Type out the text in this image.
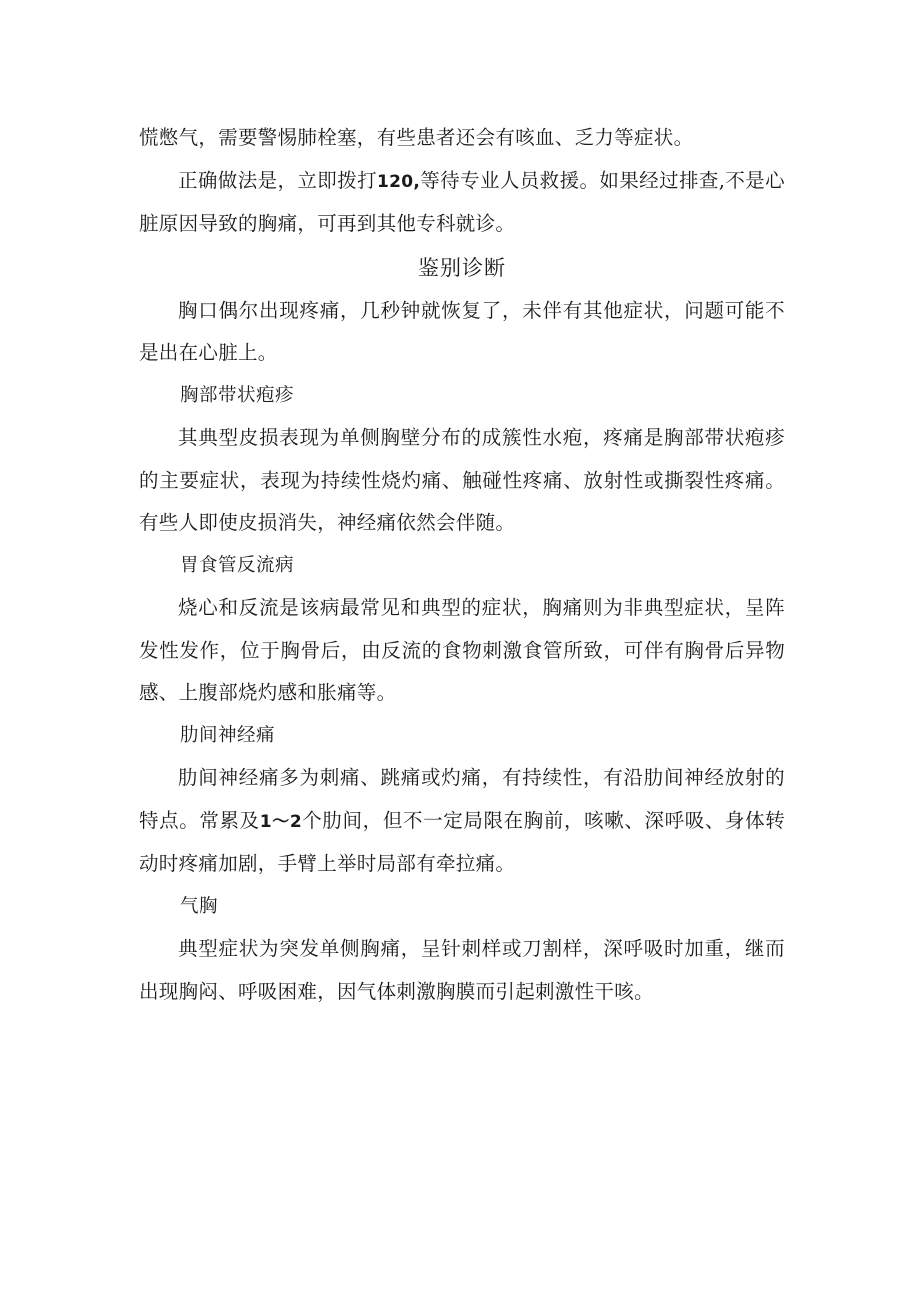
慌憋气，需要警惕肺栓塞，有些患者还会有咳血、乏力等症状。

正确做法是，立即拨打120,等待专业人员救援。如果经过排查,不是心脏原因导致的胸痛，可再到其他专科就诊。

鉴别诊断

胸口偶尔出现疼痛，几秒钟就恢复了，未伴有其他症状，问题可能不是出在心脏上。

胸部带状疱疹

其典型皮损表现为单侧胸壁分布的成簇性水疱，疼痛是胸部带状疱疹的主要症状，表现为持续性烧灼痛、触碰性疼痛、放射性或撕裂性疼痛。有些人即使皮损消失，神经痛依然会伴随。

胃食管反流病

烧心和反流是该病最常见和典型的症状，胸痛则为非典型症状，呈阵发性发作，位于胸骨后，由反流的食物刺激食管所致，可伴有胸骨后异物感、上腹部烧灼感和胀痛等。

肋间神经痛

肋间神经痛多为刺痛、跳痛或灼痛，有持续性，有沿肋间神经放射的特点。常累及1～2个肋间，但不一定局限在胸前，咳嗽、深呼吸、身体转动时疼痛加剧，手臂上举时局部有牵拉痛。

气胸

典型症状为突发单侧胸痛，呈针刺样或刀割样，深呼吸时加重，继而出现胸闷、呼吸困难，因气体刺激胸膜而引起刺激性干咳。
